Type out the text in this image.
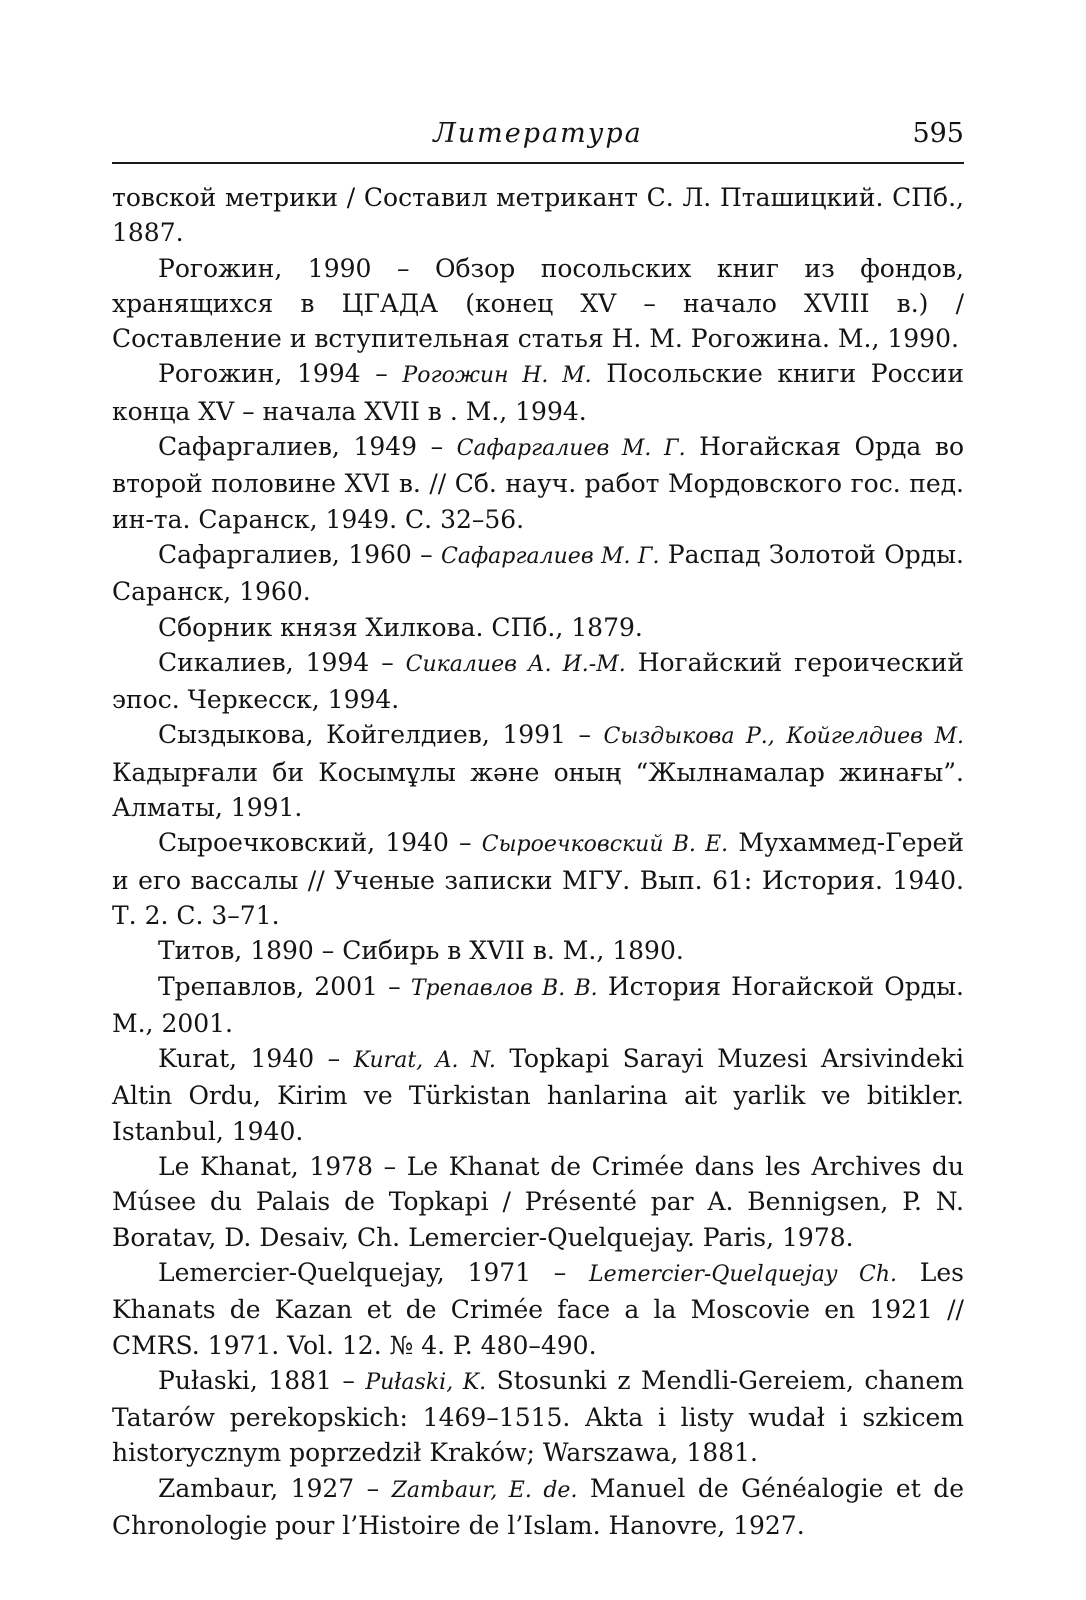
Литература	595

товской метрики / Составил метрикант С. Л. Пташицкий. СПб., 1887.

Рогожин, 1990 – Обзор посольских книг из фондов, хранящихся в ЦГАДА (конец XV – начало XVIII в.) / Составление и вступительная статья Н. М. Рогожина. М., 1990.

Рогожин, 1994 – Рогожин Н. М. Посольские книги России конца XV – начала XVII в . М., 1994.

Сафаргалиев, 1949 – Сафаргалиев М. Г. Ногайская Орда во второй половине XVI в. // Сб. науч. работ Мордовского гос. пед. ин-та. Саранск, 1949. С. 32–56.

Сафаргалиев, 1960 – Сафаргалиев М. Г. Распад Золотой Орды. Саранск, 1960.

Сборник князя Хилкова. СПб., 1879.

Сикалиев, 1994 – Сикалиев А. И.-М. Ногайский героический эпос. Черкесск, 1994.

Сыздыкова, Койгелдиев, 1991 – Сыздыкова Р., Койгелдиев М. Кадырғали би Косымұлы және оның “Жылнамалар жинағы”. Алматы, 1991.

Сыроечковский, 1940 – Сыроечковский В. Е. Мухаммед-Герей и его вассалы // Ученые записки МГУ. Вып. 61: История. 1940. Т. 2. С. 3–71.

Титов, 1890 – Сибирь в XVII в. М., 1890.

Трепавлов, 2001 – Трепавлов В. В. История Ногайской Орды. М., 2001.

Kurat, 1940 – Kurat, A. N. Topkapi Sarayi Muzesi Arsivindeki Altin Ordu, Kirim ve Türkistan hanlarina ait yarlik ve bitikler. Istanbul, 1940.

Le Khanat, 1978 – Le Khanat de Crimée dans les Archives du Músee du Palais de Topkapi / Présenté par A. Bennigsen, P. N. Boratav, D. Desaiv, Ch. Lemercier-Quelquejay. Paris, 1978.

Lemercier-Quelquejay, 1971 – Lemercier-Quelquejay Ch. Les Khanats de Kazan et de Crimée face a la Moscovie en 1921 // CMRS. 1971. Vol. 12. № 4. P. 480–490.

Pułaski, 1881 – Pułaski, K. Stosunki z Mendli-Gereiem, chanem Tatarów perekopskich: 1469–1515. Akta i listy wudał i szkicem historycznym poprzedził Kraków; Warszawa, 1881.

Zambaur, 1927 – Zambaur, E. de. Manuel de Généalogie et de Chronologie pour l’Histoire de l’Islam. Hanovre, 1927.
